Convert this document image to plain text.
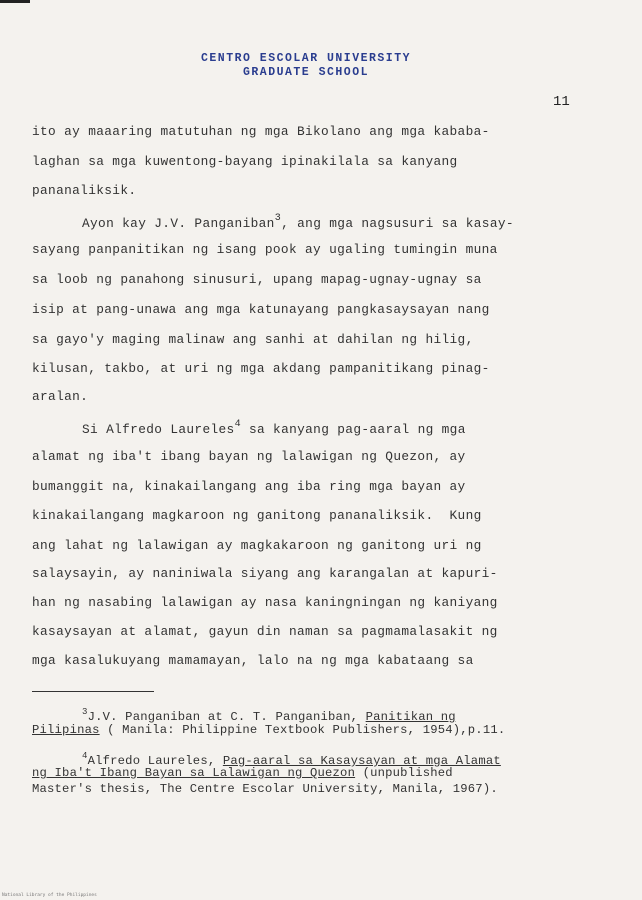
CENTRO ESCOLAR UNIVERSITY
GRADUATE SCHOOL
11
ito ay maaaring matutuhan ng mga Bikolano ang mga kababa-
laghan sa mga kuwentong-bayang ipinakilala sa kanyang
pananaliksik.
Ayon kay J.V. Panganiban$^3$, ang mga nagsusuri sa kasay-
sayang panpanitikan ng isang pook ay ugaling tumingin muna
sa loob ng panahong sinusuri, upang mapag-ugnay-ugnay sa
isip at pang-unawa ang mga katunayang pangkasaysayan nang
sa gayo'y maging malinaw ang sanhi at dahilan ng hilig,
kilusan, takbo, at uri ng mga akdang pampanitikang pinag-
aralan.
Si Alfredo Laureles$^4$ sa kanyang pag-aaral ng mga
alamat ng iba't ibang bayan ng lalawigan ng Quezon, ay
bumanggit na, kinakailangang ang iba ring mga bayan ay
kinakailangang magkaroon ng ganitong pananaliksik.  Kung
ang lahat ng lalawigan ay magkakaroon ng ganitong uri ng
salaysayin, ay naniniwala siyang ang karangalan at kapuri-
han ng nasabing lalawigan ay nasa kaningningan ng kaniyang
kasaysayan at alamat, gayun din naman sa pagmamalasakit ng
mga kasalukuyang mamamayan, lalo na ng mga kabataang sa
$^3$J.V. Panganiban at C. T. Panganiban, Panitikan ng
Pilipinas ( Manila: Philippine Textbook Publishers, 1954),p.11.
$^4$Alfredo Laureles, Pag-aaral sa Kasaysayan at mga Alamat
ng Iba't Ibang Bayan sa Lalawigan ng Quezon (unpublished
Master's thesis, The Centre Escolar University, Manila, 1967).
National Library of the Philippines
